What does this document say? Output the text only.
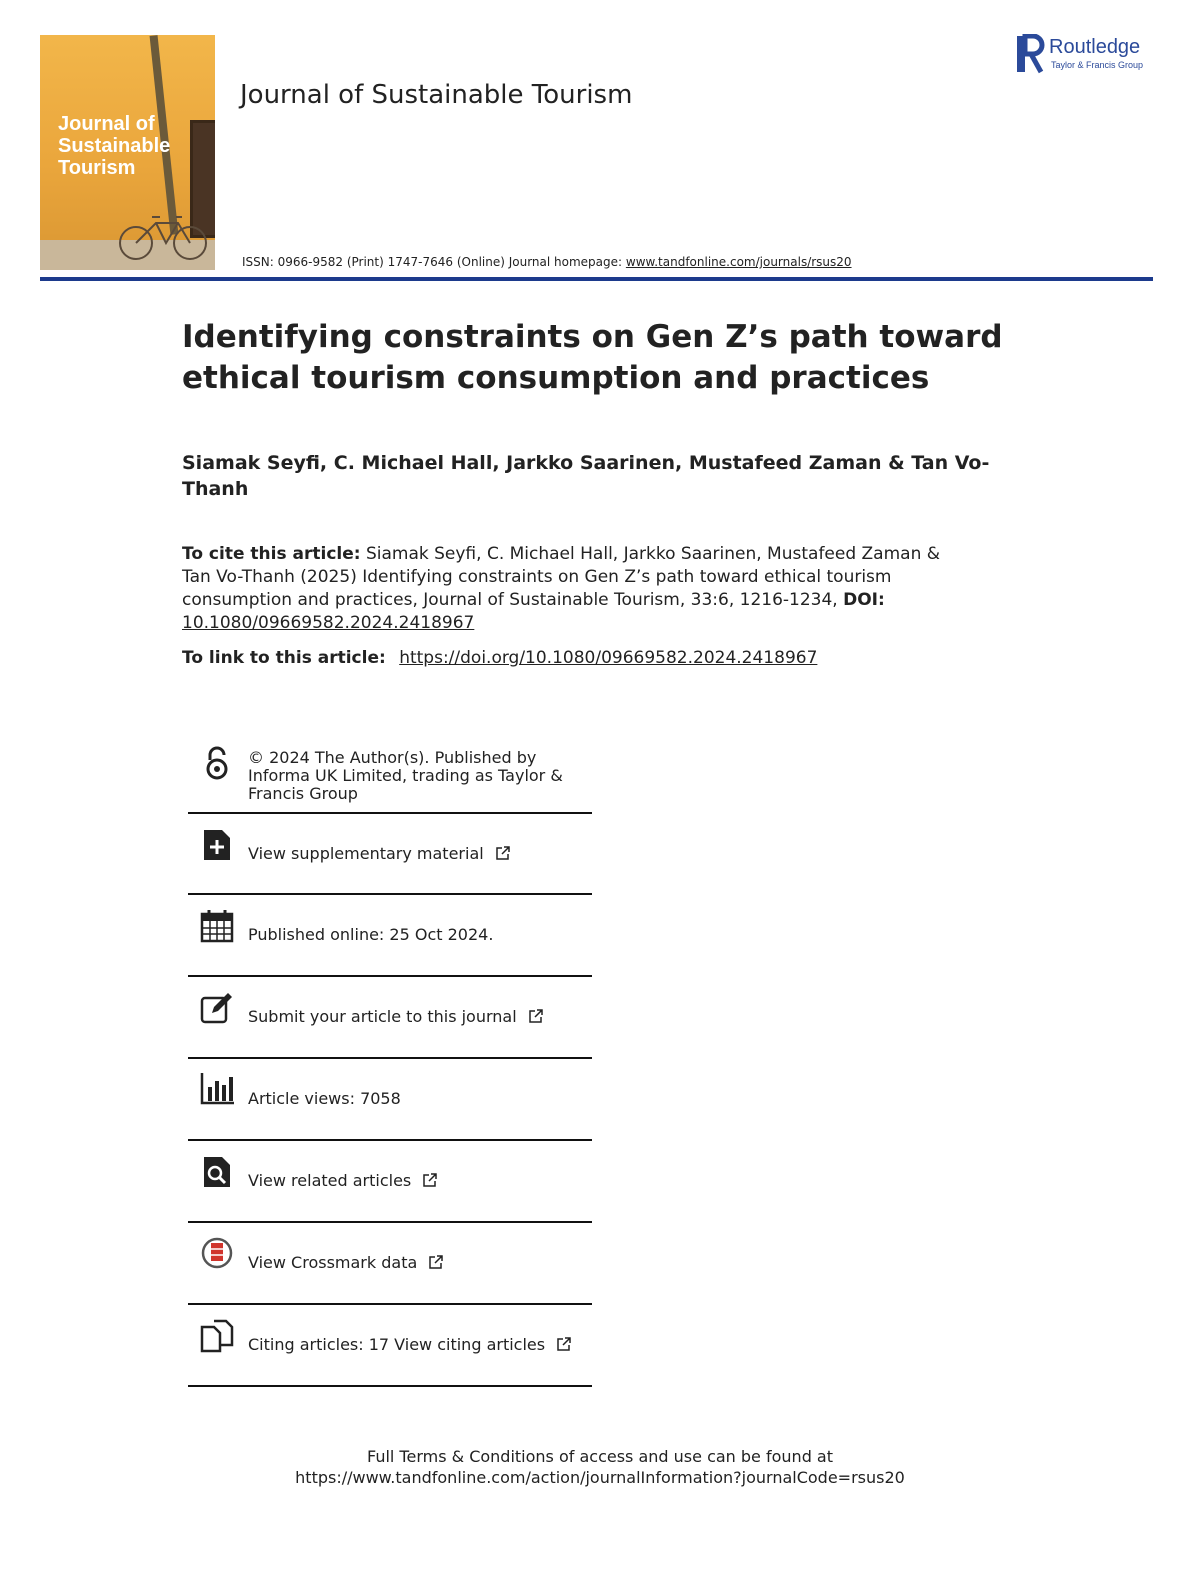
Journal of
Sustainable
Tourism
Journal of Sustainable Tourism
Routledge
Taylor & Francis Group
ISSN: 0966-9582 (Print) 1747-7646 (Online) Journal homepage: www.tandfonline.com/journals/rsus20
Identifying constraints on Gen Z’s path toward ethical tourism consumption and practices
Siamak Seyfi, C. Michael Hall, Jarkko Saarinen, Mustafeed Zaman & Tan Vo-Thanh
To cite this article: Siamak Seyfi, C. Michael Hall, Jarkko Saarinen, Mustafeed Zaman & Tan Vo-Thanh (2025) Identifying constraints on Gen Z’s path toward ethical tourism consumption and practices, Journal of Sustainable Tourism, 33:6, 1216-1234, DOI:
10.1080/09669582.2024.2418967
To link to this article: https://doi.org/10.1080/09669582.2024.2418967
© 2024 The Author(s). Published by Informa UK Limited, trading as Taylor & Francis Group
View supplementary material
Published online: 25 Oct 2024.
Submit your article to this journal
Article views: 7058
View related articles
View Crossmark data
Citing articles: 17 View citing articles
Full Terms & Conditions of access and use can be found at
https://www.tandfonline.com/action/journalInformation?journalCode=rsus20
